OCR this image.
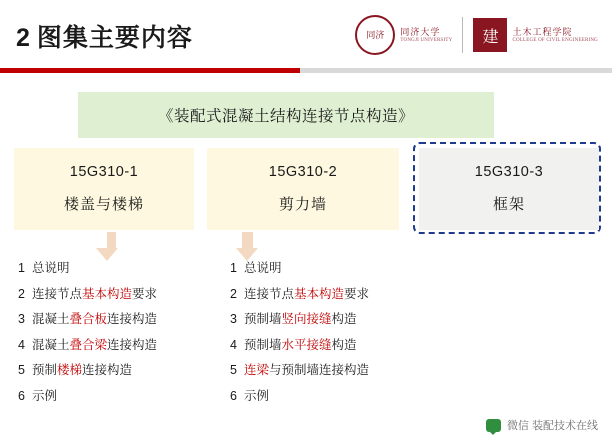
2 图集主要内容	同济	同济大学
TONGJI UNIVERSITY	建	土木工程学院
COLLEGE OF CIVIL ENGINEERING
《装配式混凝土结构连接节点构造》
15G310-1
楼盖与楼梯
15G310-2
剪力墙
15G310-3
框架
1 总说明
2 连接节点基本构造要求
3 混凝土叠合板连接构造
4 混凝土叠合梁连接构造
5 预制楼梯连接构造
6 示例
1 总说明
2 连接节点基本构造要求
3 预制墙竖向接缝构造
4 预制墙水平接缝构造
5 连梁与预制墙连接构造
6 示例
微信 装配技术在线
